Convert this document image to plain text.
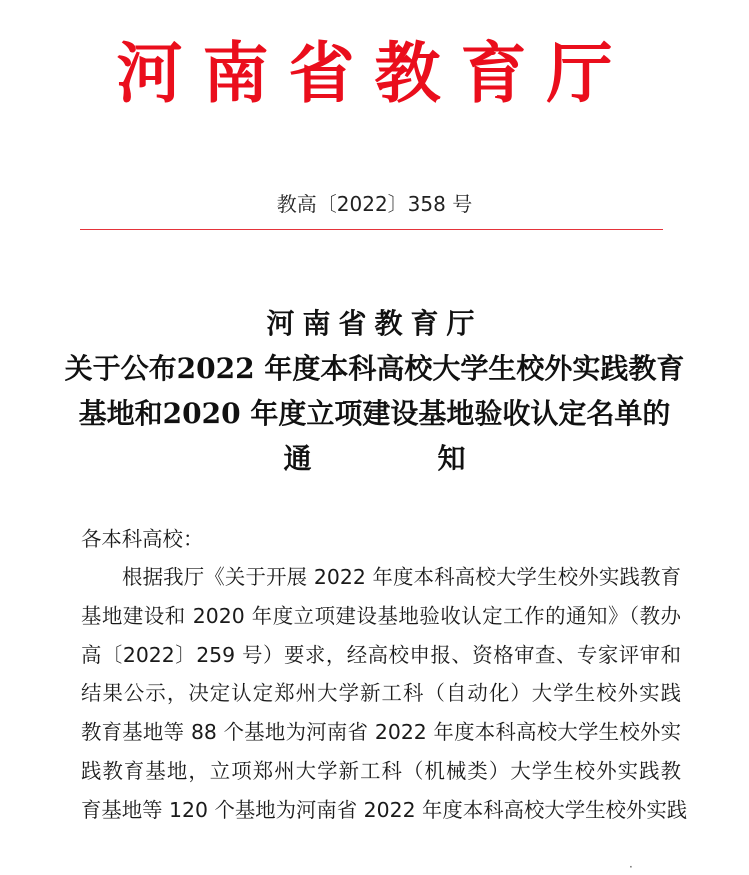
河南省教育厅
教高〔2022〕358 号
河南省教育厅
关于公布2022 年度本科高校大学生校外实践教育
基地和2020 年度立项建设基地验收认定名单的
通知
各本科高校：
根据我厅《关于开展 2022 年度本科高校大学生校外实践教育
基地建设和 2020 年度立项建设基地验收认定工作的通知》（教办
高〔2022〕259 号）要求，经高校申报、资格审查、专家评审和
结果公示，决定认定郑州大学新工科（自动化）大学生校外实践
教育基地等 88 个基地为河南省 2022 年度本科高校大学生校外实
践教育基地，立项郑州大学新工科（机械类）大学生校外实践教
育基地等 120 个基地为河南省 2022 年度本科高校大学生校外实践
·
